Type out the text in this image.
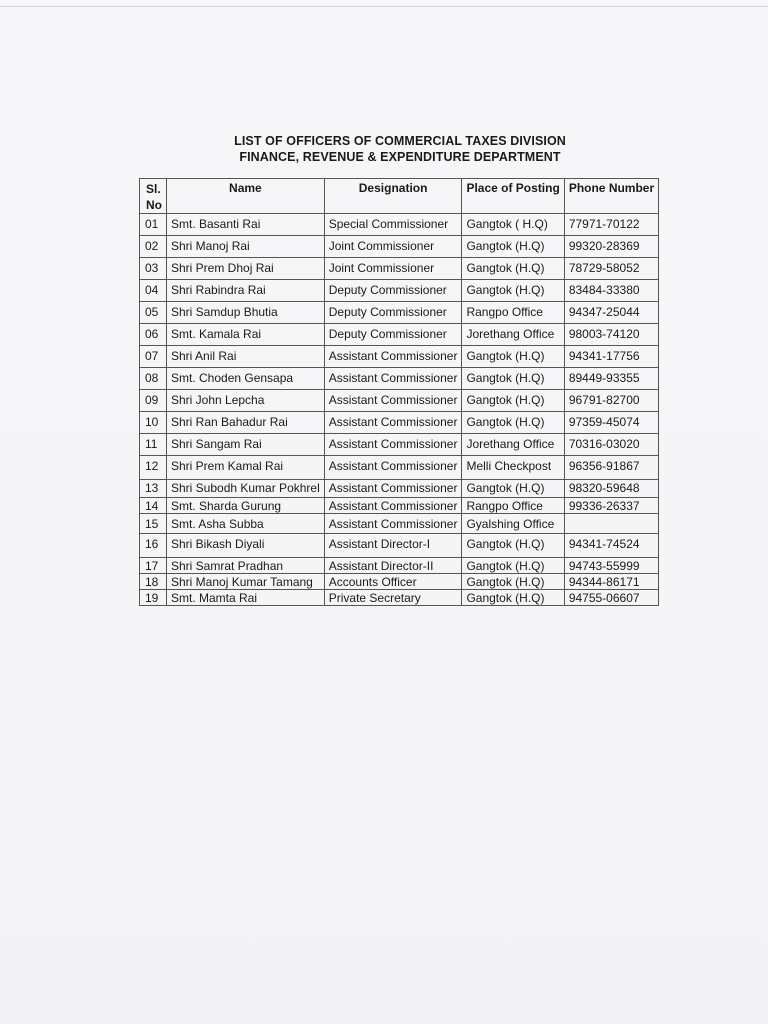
LIST OF OFFICERS OF COMMERCIAL TAXES DIVISION
FINANCE, REVENUE & EXPENDITURE DEPARTMENT
Sl.
No	Name	Designation	Place of Posting	Phone Number
01	Smt. Basanti Rai	Special Commissioner	Gangtok ( H.Q)	77971-70122
02	Shri Manoj Rai	Joint Commissioner	Gangtok (H.Q)	99320-28369
03	Shri Prem Dhoj Rai	Joint Commissioner	Gangtok (H.Q)	78729-58052
04	Shri Rabindra Rai	Deputy Commissioner	Gangtok (H.Q)	83484-33380
05	Shri Samdup Bhutia	Deputy Commissioner	Rangpo Office	94347-25044
06	Smt. Kamala Rai	Deputy Commissioner	Jorethang Office	98003-74120
07	Shri Anil Rai	Assistant Commissioner	Gangtok (H.Q)	94341-17756
08	Smt. Choden Gensapa	Assistant Commissioner	Gangtok (H.Q)	89449-93355
09	Shri John Lepcha	Assistant Commissioner	Gangtok (H.Q)	96791-82700
10	Shri Ran Bahadur Rai	Assistant Commissioner	Gangtok (H.Q)	97359-45074
11	Shri Sangam Rai	Assistant Commissioner	Jorethang Office	70316-03020
12	Shri Prem Kamal Rai	Assistant Commissioner	Melli Checkpost	96356-91867
13	Shri Subodh Kumar Pokhrel	Assistant Commissioner	Gangtok (H.Q)	98320-59648
14	Smt. Sharda Gurung	Assistant Commissioner	Rangpo Office	99336-26337
15	Smt. Asha Subba	Assistant Commissioner	Gyalshing Office	
16	Shri Bikash Diyali	Assistant Director-I	Gangtok (H.Q)	94341-74524
17	Shri Samrat Pradhan	Assistant Director-II	Gangtok (H.Q)	94743-55999
18	Shri Manoj Kumar Tamang	Accounts Officer	Gangtok (H.Q)	94344-86171
19	Smt. Mamta Rai	Private Secretary	Gangtok (H.Q)	94755-06607
